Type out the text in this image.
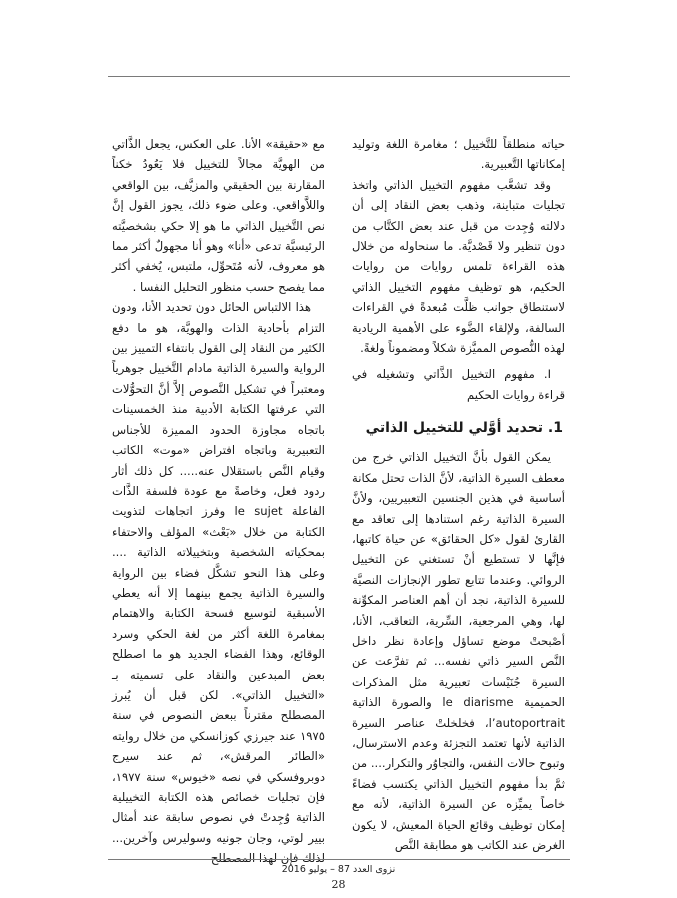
حياته منطلقاً للتَّخييل ؛ مغامرة اللغة وتوليد إمكاناتها التَّعبيرية.

وقد تشعَّب مفهوم التخييل الذاتي واتخذ تجليات متباينة، وذهب بعض النقاد إلى أن دلالته وُجِدت من قبل عند بعض الكتَّاب من دون تنظير ولا قَصْديَّة. ما سنحاوله من خلال هذه القراءة تلمس روايات من روايات الحكيم، هو توظيف مفهوم التخييل الذاتي لاستنطاق جوانب ظلَّت مُبعدةً في القراءات السالفة، ولإلقاء الضَّوء على الأهمية الريادية لهذه النُّصوص المميَّزة شكلاً ومضموناً ولغةً.

I. مفهوم التخييل الذَّاتي وتشغيله في قراءة روايات الحكيم

1. تحديد أوَّلي للتخييل الذاتي

يمكن القول بأنَّ التخييل الذاتي خرج من معطف السيرة الذاتية، لأنَّ الذات تحتل مكانة أساسية في هذين الجنسين التعبيريين، ولأنَّ السيرة الذاتية رغم استنادها إلى تعاقد مع القارئ لقول «كل الحقائق» عن حياة كاتبها، فإنَّها لا تستطيع أنْ تستغني عن التخييل الروائي. وعندما تتابع تطور الإنجازات النصيَّة للسيرة الذاتية، نجد أن أهم العناصر المكوِّنة لها، وهي المرجعية، السِّرية، التعاقب، الأنا، أصْبحتْ موضع تساؤل وإعادة نظر داخل النَّص السير ذاتي نفسه... ثم تفرَّعت عن السيرة جُنَيْسات تعبيرية مثل المذكرات الحميمية le diarisme والصورة الذاتية l’autoportrait، فخلخلتْ عناصر السيرة الذاتية لأنها تعتمد التجزئة وعدم الاسترسال، وتبوح حالات النفس، والتجاوُر والتكرار.... من ثمَّ بدأ مفهوم التخييل الذاتي يكتسب فضاءً خاصاً يميِّزه عن السيرة الذاتية، لأنه مع إمكان توظيف وقائع الحياة المعيش، لا يكون الغرض عند الكاتب هو مطابقة النَّص

مع «حقيقة» الأنا. على العكس، يجعل الذَّاتي من الهويَّة مجالاً للتخييل فلا يَعُودُ خكناً المقارنة بين الحقيقي والمزيَّف، بين الواقعي واللاَّواقعي. وعلى ضوء ذلك، يجوز القول إنَّ نص التَّخييل الذاتي ما هو إلا حكي بشخصيَّته الرئيسيَّة تدعى «أنا» وهو أنا مجهولٌ أكثر مما هو معروف، لأنه مُتَحوِّل، ملتبس، يُخفي أكثر مما يفصح حسب منظور التحليل النفسا .

هذا الالتباس الحائل دون تحديد الأنا، ودون التزام بأحادية الذات والهويَّة، هو ما دفع الكثير من النقاد إلى القول بانتفاء التمييز بين الرواية والسيرة الذاتية مادام التَّخييل جوهرياً ومعتبراً في تشكيل النَّصوص إلاَّ أنَّ التحوُّلات التي عرفتها الكتابة الأدبية منذ الخمسينات باتجاه مجاوزة الحدود المميزة للأجناس التعبيرية وباتجاه افتراض «موت» الكاتب وقيام النَّص باستقلال عنه..... كل ذلك أثار ردود فعل، وخاصةً مع عودة فلسفة الذَّات الفاعلة le sujet وفرز اتجاهات لتذويت الكتابة من خلال «بَعْث» المؤلف والاحتفاء بمحكياته الشخصية وبتخييلاته الذاتية .... وعلى هذا النحو تشكَّل فضاء بين الرواية والسيرة الذاتية يجمع بينهما إلا أنه يعطي الأسبقية لتوسيع فسحة الكتابة والاهتمام بمغامرة اللغة أكثر من لغة الحكي وسرد الوقائع، وهذا الفضاء الجديد هو ما اصطلح بعض المبدعين والنقاد على تسميته بـ «التخييل الذاتي». لكن قبل أن يُبرز المصطلح مقترناً ببعض النصوص في سنة ١٩٧٥ عند جيرزي كوزانسكي من خلال روايته «الطائر المرقش»، ثم عند سيرج دوبروفسكي في نصه «خيوس» سنة ١٩٧٧، فإن تجليات خصائص هذه الكتابة التخييلية الذاتية وُجِدتْ في نصوص سابقة عند أمثال بيير لوتي، وجان جونيه وسوليرس وآخرين... لذلك فإن لهذا المصطلح

نزوى العدد 87 – يوليو 2016
28
